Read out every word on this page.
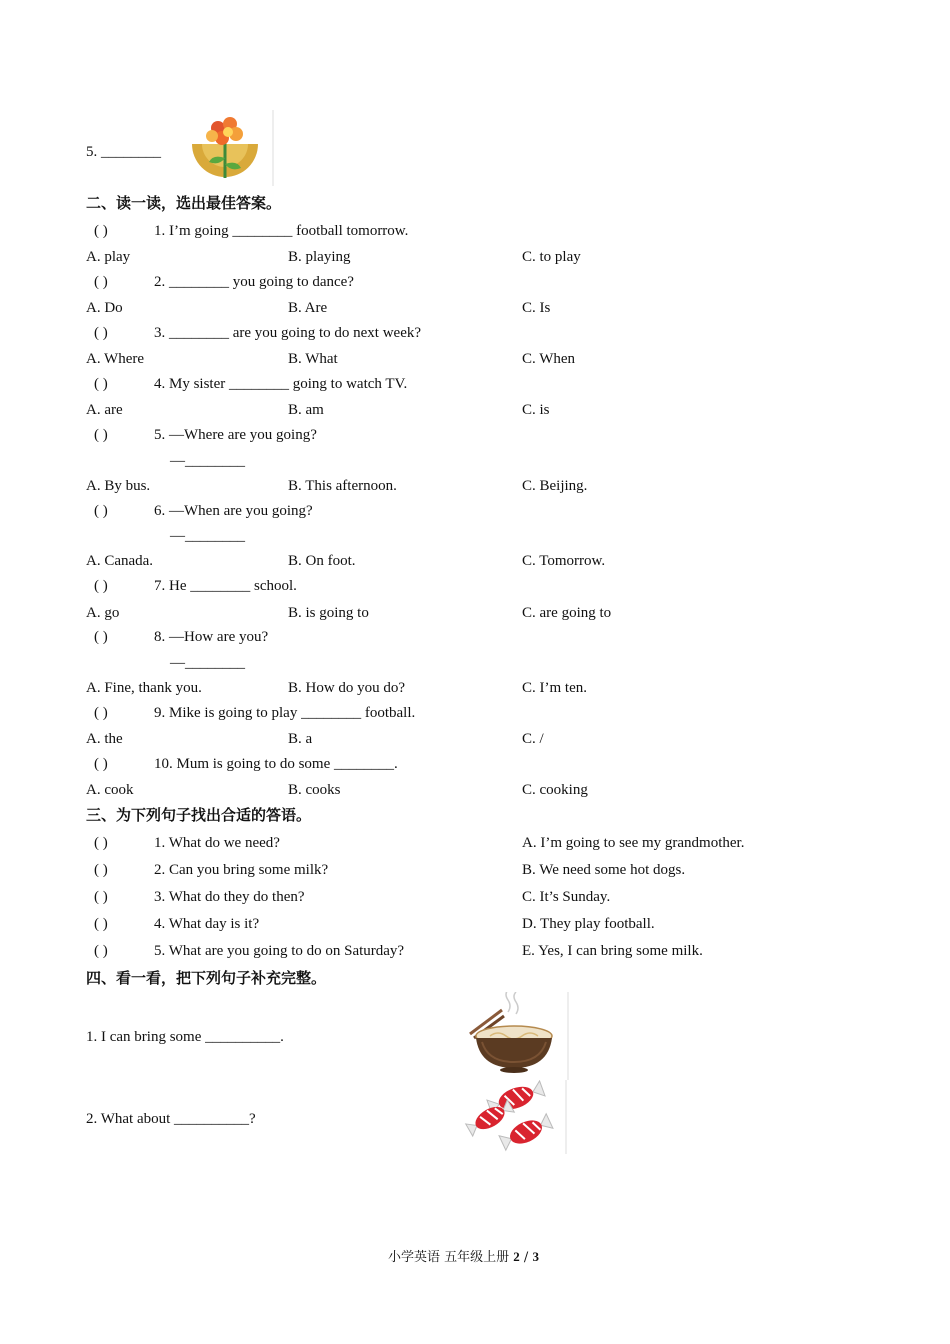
5. ________
二、读一读，选出最佳答案。
( )	1. I’m going ________ football tomorrow.
A. play	B. playing	C. to play
( )	2. ________ you going to dance?
A. Do	B. Are	C. Is
( )	3. ________ are you going to do next week?
A. Where	B. What	C. When
( )	4. My sister ________ going to watch TV.
A. are	B. am	C. is
( )	5. —Where are you going?
—________
A. By bus.	B. This afternoon.	C. Beijing.
( )	6. —When are you going?
—________
A. Canada.	B. On foot.	C. Tomorrow.
( )	7. He ________ school.
A. go	B. is going to	C. are going to
( )	8. —How are you?
—________
A. Fine, thank you.	B. How do you do?	C. I’m ten.
( )	9. Mike is going to play ________ football.
A. the	B. a	C. /
( )	10. Mum is going to do some ________.
A. cook	B. cooks	C. cooking
三、为下列句子找出合适的答语。
( )	1. What do we need?	A. I’m going to see my grandmother.
( )	2. Can you bring some milk?	B. We need some hot dogs.
( )	3. What do they do then?	C. It’s Sunday.
( )	4. What day is it?	D. They play football.
( )	5. What are you going to do on Saturday?	E. Yes, I can bring some milk.
四、看一看，把下列句子补充完整。
1. I can bring some __________.
2. What about __________?
小学英语 五年级上册 2 / 3
